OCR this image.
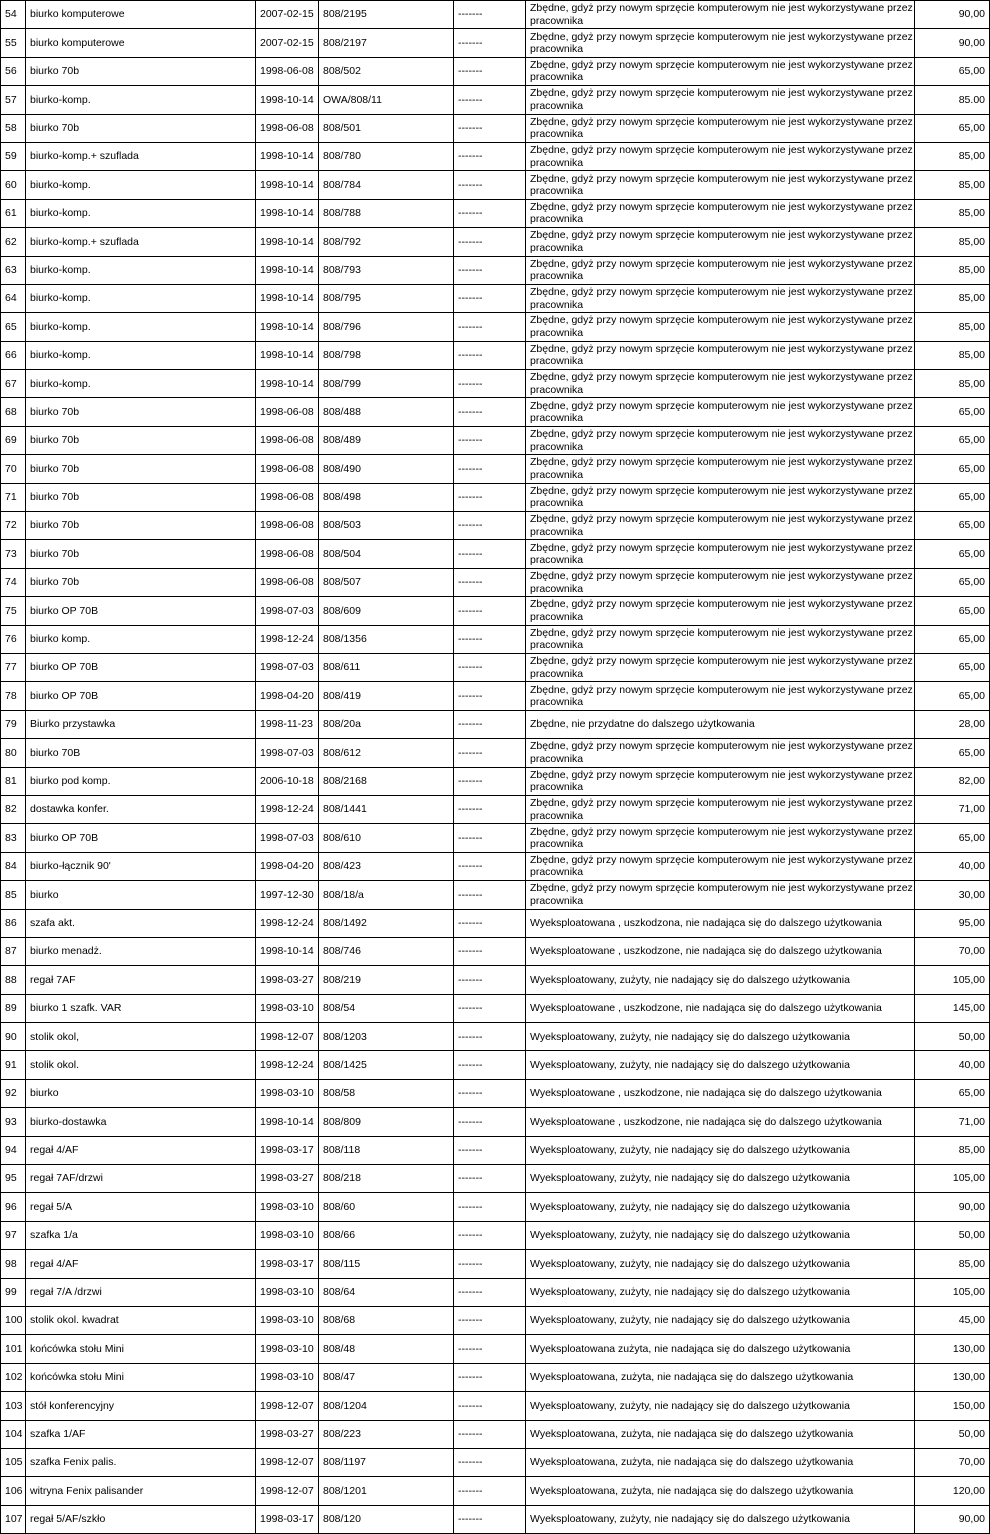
54	biurko komputerowe	2007-02-15	808/2195	-------	Zbędne, gdyż przy nowym sprzęcie komputerowym nie jest wykorzystywane przez pracownika	90,00
55	biurko komputerowe	2007-02-15	808/2197	-------	Zbędne, gdyż przy nowym sprzęcie komputerowym nie jest wykorzystywane przez pracownika	90,00
56	biurko 70b	1998-06-08	808/502	-------	Zbędne, gdyż przy nowym sprzęcie komputerowym nie jest wykorzystywane przez pracownika	65,00
57	biurko-komp.	1998-10-14	OWA/808/11	-------	Zbędne, gdyż przy nowym sprzęcie komputerowym nie jest wykorzystywane przez pracownika	85.00
58	biurko 70b	1998-06-08	808/501	-------	Zbędne, gdyż przy nowym sprzęcie komputerowym nie jest wykorzystywane przez pracownika	65,00
59	biurko-komp.+ szuflada	1998-10-14	808/780	-------	Zbędne, gdyż przy nowym sprzęcie komputerowym nie jest wykorzystywane przez pracownika	85,00
60	biurko-komp.	1998-10-14	808/784	-------	Zbędne, gdyż przy nowym sprzęcie komputerowym nie jest wykorzystywane przez pracownika	85,00
61	biurko-komp.	1998-10-14	808/788	-------	Zbędne, gdyż przy nowym sprzęcie komputerowym nie jest wykorzystywane przez pracownika	85,00
62	biurko-komp.+ szuflada	1998-10-14	808/792	-------	Zbędne, gdyż przy nowym sprzęcie komputerowym nie jest wykorzystywane przez pracownika	85,00
63	biurko-komp.	1998-10-14	808/793	-------	Zbędne, gdyż przy nowym sprzęcie komputerowym nie jest wykorzystywane przez pracownika	85,00
64	biurko-komp.	1998-10-14	808/795	-------	Zbędne, gdyż przy nowym sprzęcie komputerowym nie jest wykorzystywane przez pracownika	85,00
65	biurko-komp.	1998-10-14	808/796	-------	Zbędne, gdyż przy nowym sprzęcie komputerowym nie jest wykorzystywane przez pracownika	85,00
66	biurko-komp.	1998-10-14	808/798	-------	Zbędne, gdyż przy nowym sprzęcie komputerowym nie jest wykorzystywane przez pracownika	85,00
67	biurko-komp.	1998-10-14	808/799	-------	Zbędne, gdyż przy nowym sprzęcie komputerowym nie jest wykorzystywane przez pracownika	85,00
68	biurko 70b	1998-06-08	808/488	-------	Zbędne, gdyż przy nowym sprzęcie komputerowym nie jest wykorzystywane przez pracownika	65,00
69	biurko 70b	1998-06-08	808/489	-------	Zbędne, gdyż przy nowym sprzęcie komputerowym nie jest wykorzystywane przez pracownika	65,00
70	biurko 70b	1998-06-08	808/490	-------	Zbędne, gdyż przy nowym sprzęcie komputerowym nie jest wykorzystywane przez pracownika	65,00
71	biurko 70b	1998-06-08	808/498	-------	Zbędne, gdyż przy nowym sprzęcie komputerowym nie jest wykorzystywane przez pracownika	65,00
72	biurko 70b	1998-06-08	808/503	-------	Zbędne, gdyż przy nowym sprzęcie komputerowym nie jest wykorzystywane przez pracownika	65,00
73	biurko 70b	1998-06-08	808/504	-------	Zbędne, gdyż przy nowym sprzęcie komputerowym nie jest wykorzystywane przez pracownika	65,00
74	biurko 70b	1998-06-08	808/507	-------	Zbędne, gdyż przy nowym sprzęcie komputerowym nie jest wykorzystywane przez pracownika	65,00
75	biurko OP 70B	1998-07-03	808/609	-------	Zbędne, gdyż przy nowym sprzęcie komputerowym nie jest wykorzystywane przez pracownika	65,00
76	biurko komp.	1998-12-24	808/1356	-------	Zbędne, gdyż przy nowym sprzęcie komputerowym nie jest wykorzystywane przez pracownika	65,00
77	biurko OP 70B	1998-07-03	808/611	-------	Zbędne, gdyż przy nowym sprzęcie komputerowym nie jest wykorzystywane przez pracownika	65,00
78	biurko OP 70B	1998-04-20	808/419	-------	Zbędne, gdyż przy nowym sprzęcie komputerowym nie jest wykorzystywane przez pracownika	65,00
79	Biurko przystawka	1998-11-23	808/20a	-------	Zbędne, nie przydatne do dalszego użytkowania	28,00
80	biurko 70B	1998-07-03	808/612	-------	Zbędne, gdyż przy nowym sprzęcie komputerowym nie jest wykorzystywane przez pracownika	65,00
81	biurko pod komp.	2006-10-18	808/2168	-------	Zbędne, gdyż przy nowym sprzęcie komputerowym nie jest wykorzystywane przez pracownika	82,00
82	dostawka konfer.	1998-12-24	808/1441	-------	Zbędne, gdyż przy nowym sprzęcie komputerowym nie jest wykorzystywane przez pracownika	71,00
83	biurko OP 70B	1998-07-03	808/610	-------	Zbędne, gdyż przy nowym sprzęcie komputerowym nie jest wykorzystywane przez pracownika	65,00
84	biurko-łącznik 90'	1998-04-20	808/423	-------	Zbędne, gdyż przy nowym sprzęcie komputerowym nie jest wykorzystywane przez pracownika	40,00
85	biurko	1997-12-30	808/18/a	-------	Zbędne, gdyż przy nowym sprzęcie komputerowym nie jest wykorzystywane przez pracownika	30,00
86	szafa akt.	1998-12-24	808/1492	-------	Wyeksploatowana , uszkodzona, nie nadająca się do dalszego użytkowania	95,00
87	biurko menadż.	1998-10-14	808/746	-------	Wyeksploatowane , uszkodzone, nie nadająca się do dalszego użytkowania	70,00
88	regał 7AF	1998-03-27	808/219	-------	Wyeksploatowany, zużyty, nie nadający się do dalszego użytkowania	105,00
89	biurko 1 szafk. VAR	1998-03-10	808/54	-------	Wyeksploatowane , uszkodzone, nie nadająca się do dalszego użytkowania	145,00
90	stolik okol,	1998-12-07	808/1203	-------	Wyeksploatowany, zużyty, nie nadający się do dalszego użytkowania	50,00
91	stolik okol.	1998-12-24	808/1425	-------	Wyeksploatowany, zużyty, nie nadający się do dalszego użytkowania	40,00
92	biurko	1998-03-10	808/58	-------	Wyeksploatowane , uszkodzone, nie nadająca się do dalszego użytkowania	65,00
93	biurko-dostawka	1998-10-14	808/809	-------	Wyeksploatowane , uszkodzone, nie nadająca się do dalszego użytkowania	71,00
94	regał 4/AF	1998-03-17	808/118	-------	Wyeksploatowany, zużyty, nie nadający się do dalszego użytkowania	85,00
95	regał 7AF/drzwi	1998-03-27	808/218	-------	Wyeksploatowany, zużyty, nie nadający się do dalszego użytkowania	105,00
96	regał 5/A	1998-03-10	808/60	-------	Wyeksploatowany, zużyty, nie nadający się do dalszego użytkowania	90,00
97	szafka 1/a	1998-03-10	808/66	-------	Wyeksploatowany, zużyty, nie nadający się do dalszego użytkowania	50,00
98	regał 4/AF	1998-03-17	808/115	-------	Wyeksploatowany, zużyty, nie nadający się do dalszego użytkowania	85,00
99	regał 7/A /drzwi	1998-03-10	808/64	-------	Wyeksploatowany, zużyty, nie nadający się do dalszego użytkowania	105,00
100	stolik okol. kwadrat	1998-03-10	808/68	-------	Wyeksploatowany, zużyty, nie nadający się do dalszego użytkowania	45,00
101	końcówka stołu Mini	1998-03-10	808/48	-------	Wyeksploatowana zużyta, nie nadająca się do dalszego użytkowania	130,00
102	końcówka stołu Mini	1998-03-10	808/47	-------	Wyeksploatowana, zużyta, nie nadająca się do dalszego użytkowania	130,00
103	stół konferencyjny	1998-12-07	808/1204	-------	Wyeksploatowany, zużyty, nie nadający się do dalszego użytkowania	150,00
104	szafka 1/AF	1998-03-27	808/223	-------	Wyeksploatowana, zużyta, nie nadająca się do dalszego użytkowania	50,00
105	szafka Fenix palis.	1998-12-07	808/1197	-------	Wyeksploatowana, zużyta, nie nadająca się do dalszego użytkowania	70,00
106	witryna Fenix palisander	1998-12-07	808/1201	-------	Wyeksploatowana, zużyta, nie nadająca się do dalszego użytkowania	120,00
107	regał 5/AF/szkło	1998-03-17	808/120	-------	Wyeksploatowany, zużyty, nie nadający się do dalszego użytkowania	90,00
